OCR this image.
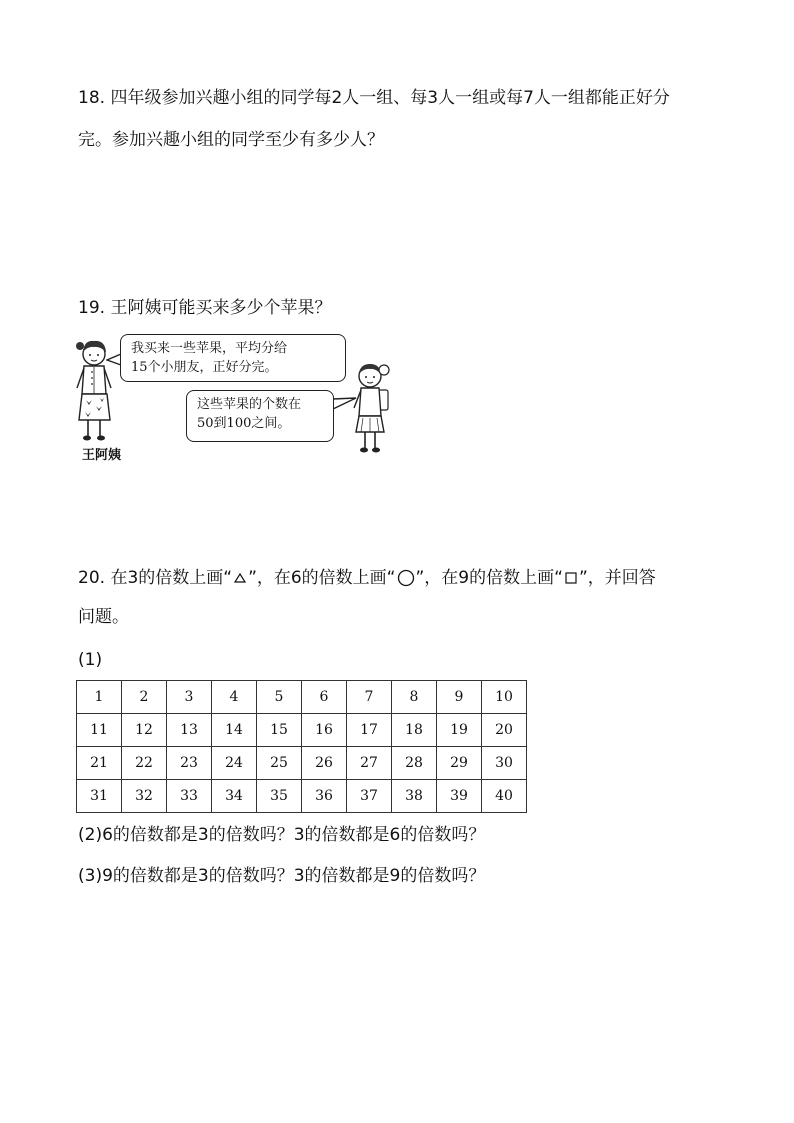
18. 四年级参加兴趣小组的同学每2人一组、每3人一组或每7人一组都能正好分
完。参加兴趣小组的同学至少有多少人？
19. 王阿姨可能买来多少个苹果？
我买来一些苹果，平均分给
15个小朋友，正好分完。
这些苹果的个数在
50到100之间。
王阿姨
20. 在3的倍数上画“ ”，在6的倍数上画“ ”，在9的倍数上画“ ”，并回答
问题。
(1)
1	2	3	4	5	6	7	8	9	10
11	12	13	14	15	16	17	18	19	20
21	22	23	24	25	26	27	28	29	30
31	32	33	34	35	36	37	38	39	40
(2)6的倍数都是3的倍数吗？3的倍数都是6的倍数吗？
(3)9的倍数都是3的倍数吗？3的倍数都是9的倍数吗？
